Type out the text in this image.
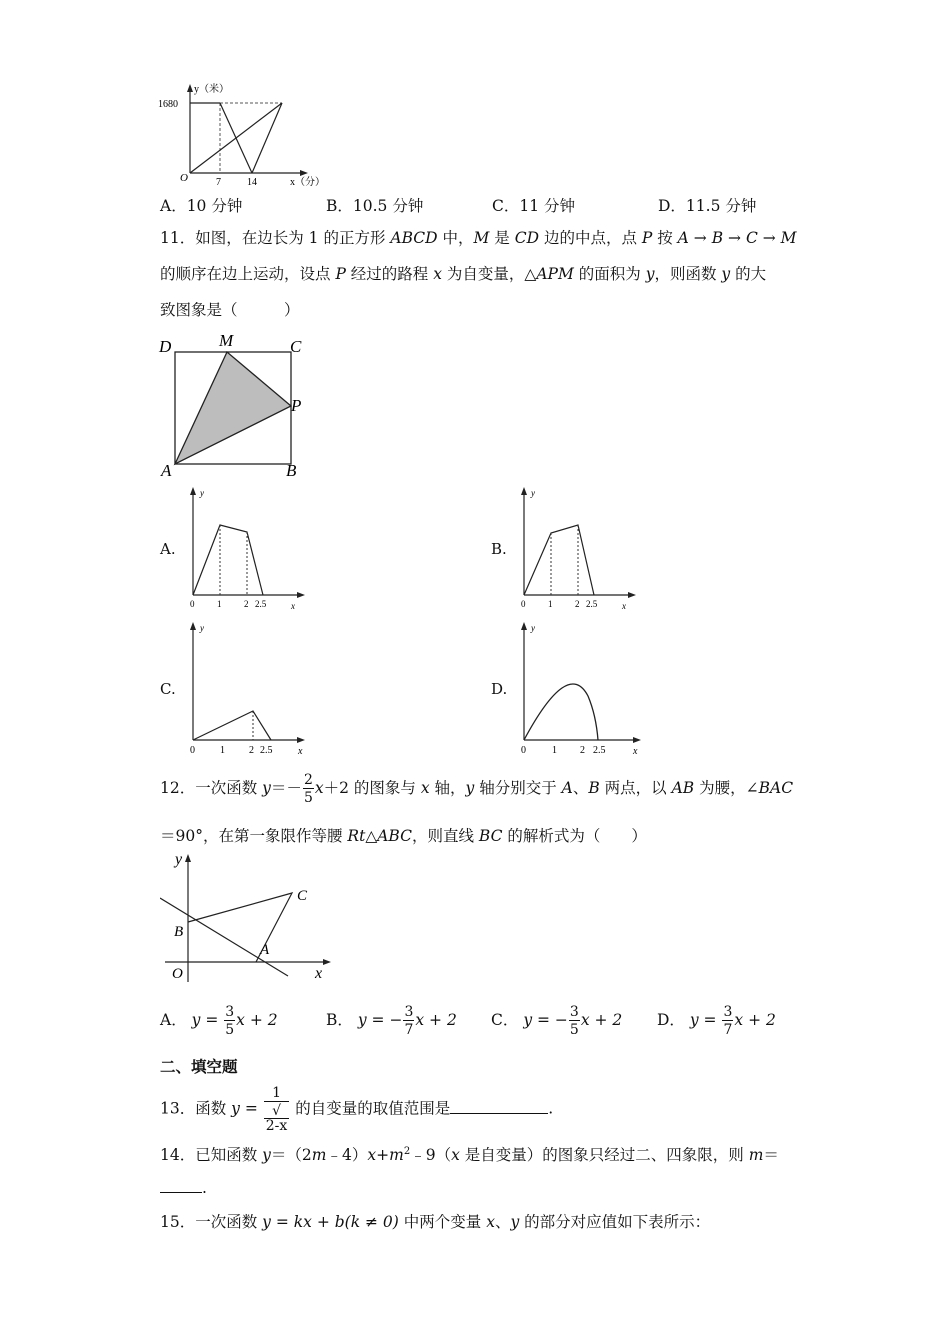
y（米）
1680
O	7	14	x（分）
A．10 分钟	B．10.5 分钟	C．11 分钟	D．11.5 分钟
11．如图，在边长为 1 的正方形 ABCD 中，M 是 CD 边的中点，点 P 按 A → B → C → M
的顺序在边上运动，设点 P 经过的路程 x 为自变量，△APM 的面积为 y，则函数 y 的大
致图象是（　　　）
D	M	C
P
A	B
A.
y
0	1	2 2.5	x
B.
y
0	1	2 2.5	x
C.
y
0	1 2 2.5	x
D.
y
0	1 2 2.5	x
12．一次函数 $y=- \frac{2}{5} x+2$ 的图象与 x 轴，y 轴分别交于 A、B 两点，以 AB 为腰，∠BAC
＝90°，在第一象限作等腰 Rt△ABC，则直线 BC 的解析式为（　　）
y
C
B
A
O	x
A． $y = \frac{3}{5}$ x + 2	B． y = − $\frac{3}{7}$ x + 2 C． y = − $\frac{3}{5}$ x + 2 D． $y = \frac{3}{7}$ x + 2
二、填空题
13．函数 y = 1
√
2-x 的自变量的取值范围是	.
14．已知函数 $y=(2m﹣4)x+m^2﹣9(x$ 是自变量）的图象只经过二、四象限，则 m＝
.
15．一次函数 y = kx + b(k ≠ 0) 中两个变量 x、y 的部分对应值如下表所示：
